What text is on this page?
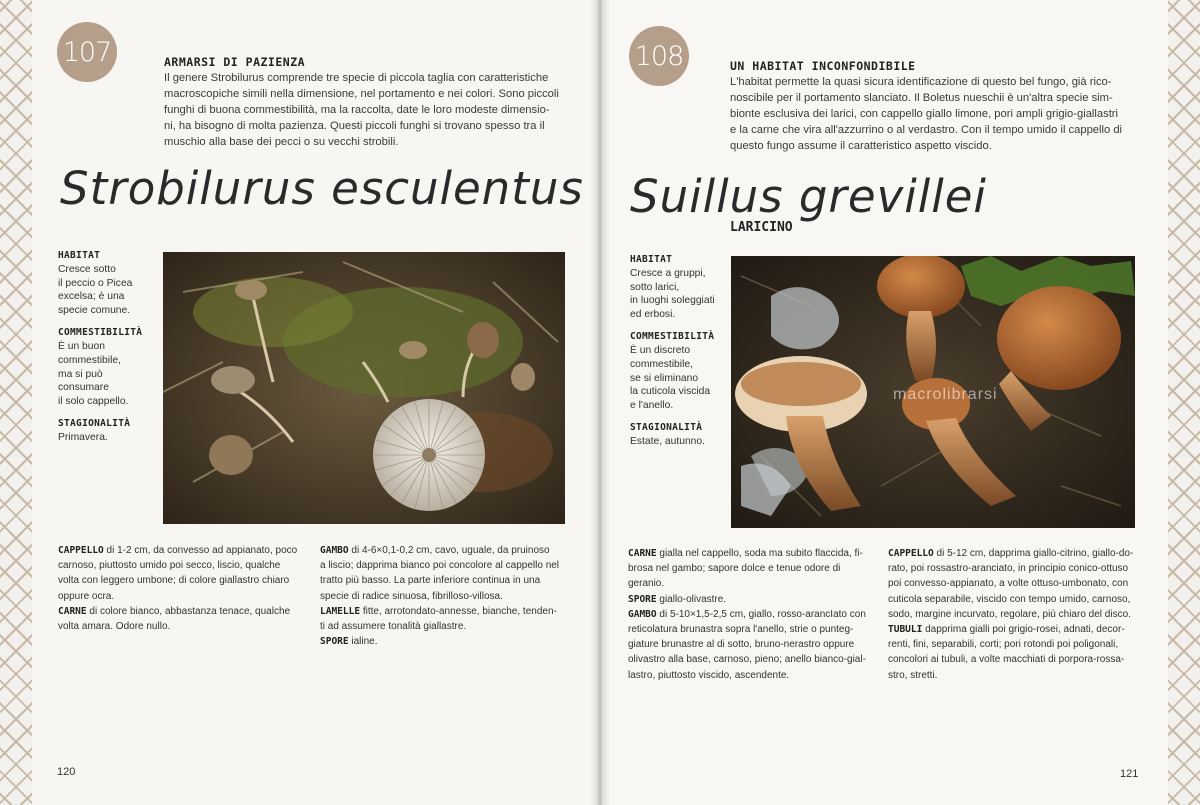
107	ARMARSI DI PAZIENZA
Il genere Strobilurus comprende tre specie di piccola taglia con caratteristiche
macroscopiche simili nella dimensione, nel portamento e nei colori. Sono piccoli
funghi di buona commestibilità, ma la raccolta, date le loro modeste dimensio-
ni, ha bisogno di molta pazienza. Questi piccoli funghi si trovano spesso tra il
muschio alla base dei pecci o su vecchi strobili.
Strobilurus esculentus
HABITAT
Cresce sotto
il peccio o Picea
excelsa; è una
specie comune.
COMMESTIBILITÀ
È un buon
commestibile,
ma si può
consumare
il solo cappello.
STAGIONALITÀ
Primavera.

CAPPELLO di 1-2 cm, da convesso ad appianato, poco
carnoso, piuttosto umido poi secco, liscio, qualche
volta con leggero umbone; di colore giallastro chiaro
oppure ocra.

CARNE di colore bianco, abbastanza tenace, qualche
volta amara. Odore nullo.

GAMBO di 4-6×0,1-0,2 cm, cavo, uguale, da pruinoso
a liscio; dapprima bianco poi concolore al cappello nel
tratto più basso. La parte inferiore continua in una
specie di radice sinuosa, fibrilloso-villosa.

LAMELLE fitte, arrotondato-annesse, bianche, tenden-
ti ad assumere tonalità giallastre.

SPORE ialine.

120
108	UN HABITAT INCONFONDIBILE
L'habitat permette la quasi sicura identificazione di questo bel fungo, già rico-
noscibile per il portamento slanciato. Il Boletus nueschii è un'altra specie sim-
bionte esclusiva dei larici, con cappello giallo limone, pori ampli grigio-giallastri
e la carne che vira all'azzurrino o al verdastro. Con il tempo umido il cappello di
questo fungo assume il caratteristico aspetto viscido.
Suillus grevillei
LARICINO
HABITAT
Cresce a gruppi,
sotto larici,
in luoghi soleggiati
ed erbosi.
COMMESTIBILITÀ
È un discreto
commestibile,
se si eliminano
la cuticola viscida
e l'anello.
STAGIONALITÀ
Estate, autunno.
macrolibrarsi

CARNE gialla nel cappello, soda ma subito flaccida, fi-
brosa nel gambo; sapore dolce e tenue odore di geranio.

SPORE giallo-olivastre.

GAMBO di 5-10×1,5-2,5 cm, giallo, rosso-arancIato con
reticolatura brunastra sopra l'anello, strie o punteg-
giature brunastre al di sotto, bruno-nerastro oppure
olivastro alla base, carnoso, pieno; anello bianco-gial-
lastro, piuttosto viscido, ascendente.

CAPPELLO di 5-12 cm, dapprima giallo-citrino, giallo-do-
rato, poi rossastro-aranciato, in principio conico-ottuso
poi convesso-appianato, a volte ottuso-umbonato, con
cuticola separabile, viscido con tempo umido, carnoso,
sodo, margine incurvato, regolare, più chiaro del disco.

TUBULI dapprima gialli poi grigio-rosei, adnati, decor-
renti, fini, separabili, corti; pori rotondi poi poligonali,
concolori ai tubuli, a volte macchiati di porpora-rossa-
stro, stretti.

121
